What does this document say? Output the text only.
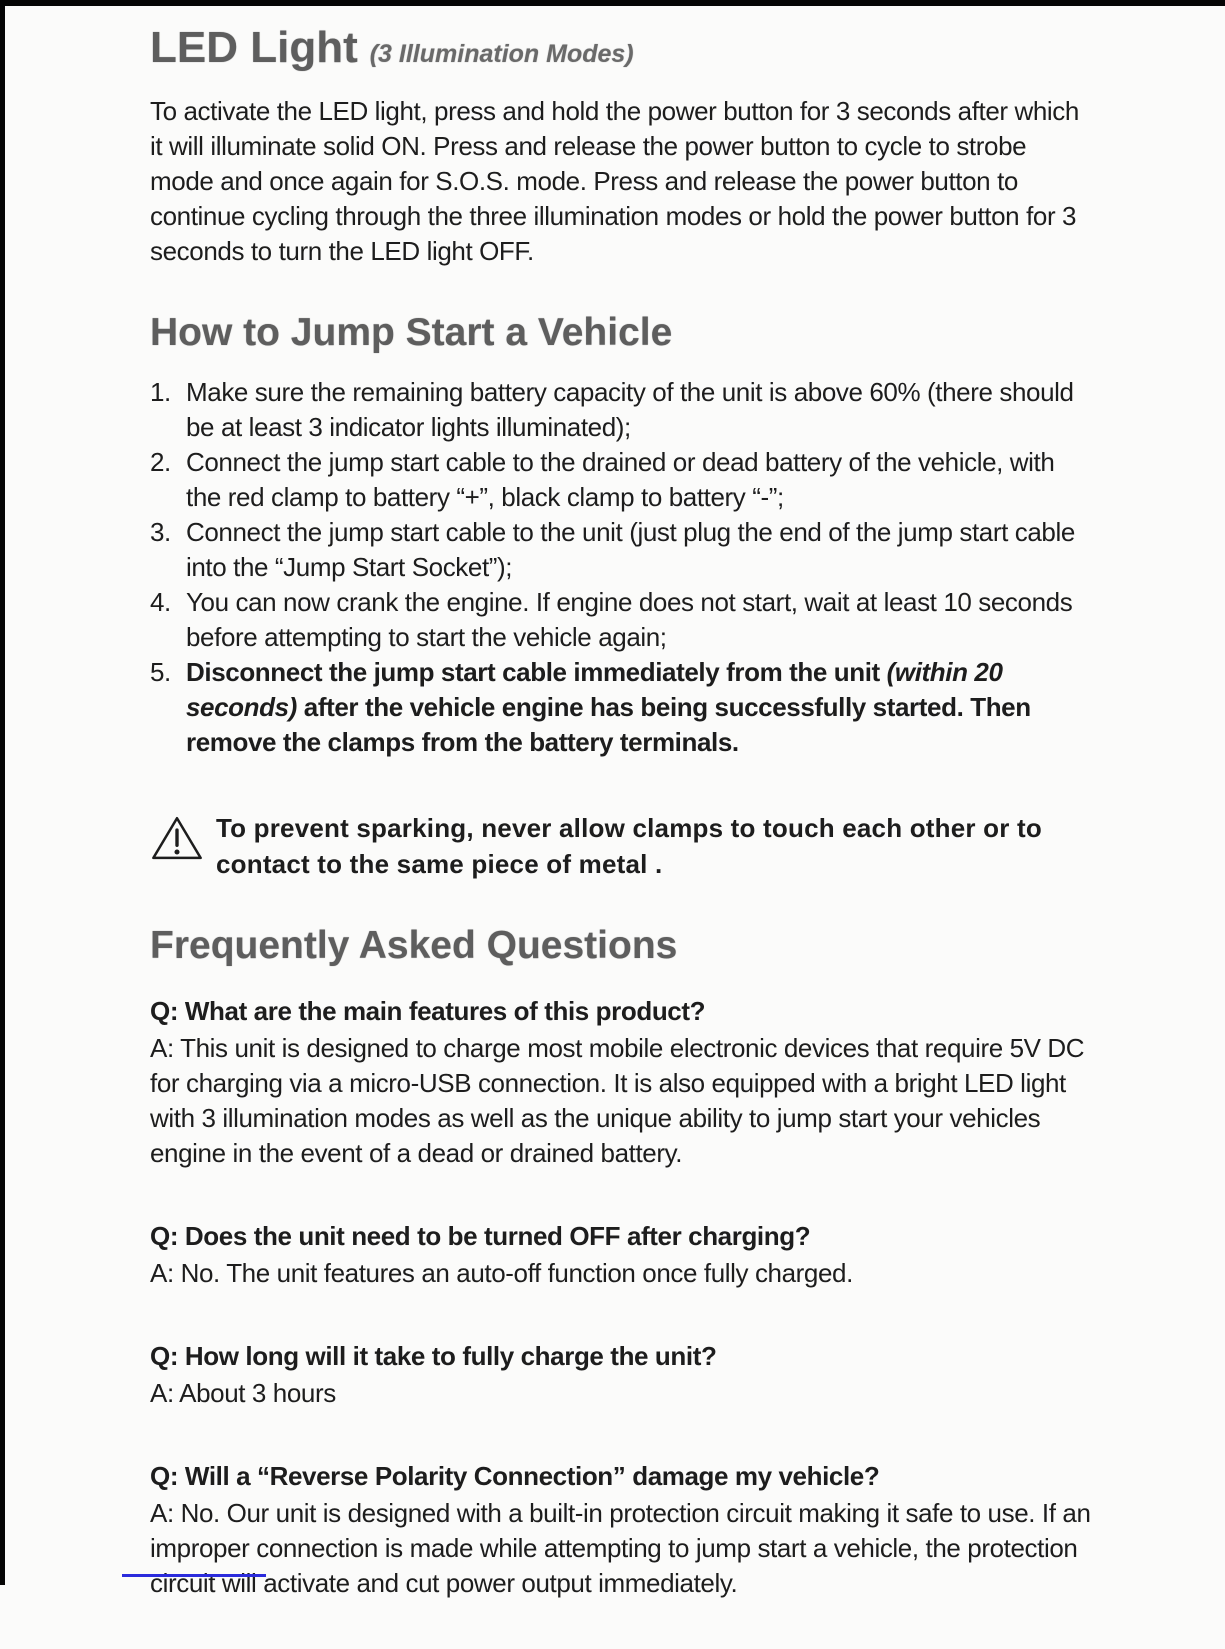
LED Light (3 Illumination Modes)

To activate the LED light, press and hold the power button for 3 seconds after which it will illuminate solid ON. Press and release the power button to cycle to strobe mode and once again for S.O.S. mode. Press and release the power button to continue cycling through the three illumination modes or hold the power button for 3 seconds to turn the LED light OFF.

How to Jump Start a Vehicle
1. Make sure the remaining battery capacity of the unit is above 60% (there should be at least 3 indicator lights illuminated);
2. Connect the jump start cable to the drained or dead battery of the vehicle, with the red clamp to battery “+”, black clamp to battery “-”;
3. Connect the jump start cable to the unit (just plug the end of the jump start cable into the “Jump Start Socket”);
4. You can now crank the engine. If engine does not start, wait at least 10 seconds before attempting to start the vehicle again;
5. Disconnect the jump start cable immediately from the unit (within 20 seconds) after the vehicle engine has being successfully started. Then remove the clamps from the battery terminals.
To prevent sparking, never allow clamps to touch each other or to contact to the same piece of metal .
Frequently Asked Questions

Q: What are the main features of this product?

A: This unit is designed to charge most mobile electronic devices that require 5V DC for charging via a micro-USB connection. It is also equipped with a bright LED light with 3 illumination modes as well as the unique ability to jump start your vehicles engine in the event of a dead or drained battery.

Q: Does the unit need to be turned OFF after charging?

A: No. The unit features an auto-off function once fully charged.

Q: How long will it take to fully charge the unit?

A: About 3 hours

Q: Will a “Reverse Polarity Connection” damage my vehicle?

A: No. Our unit is designed with a built-in protection circuit making it safe to use. If an improper connection is made while attempting to jump start a vehicle, the protection circuit will activate and cut power output immediately.
